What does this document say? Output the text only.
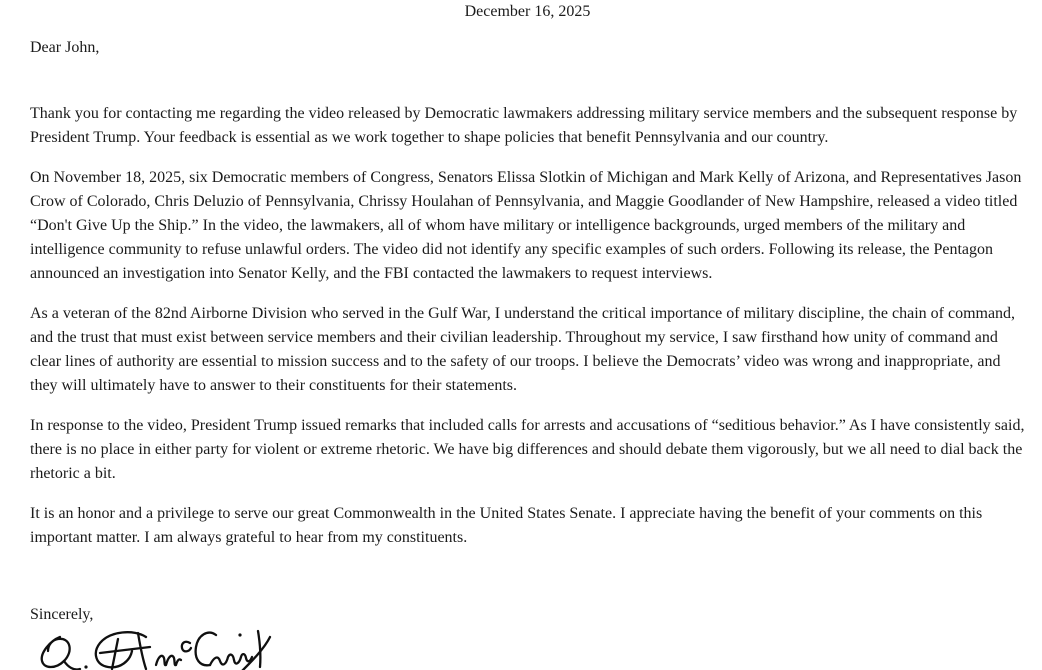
December 16, 2025
Dear John,

Thank you for contacting me regarding the video released by Democratic lawmakers addressing military service members and the subsequent response by President Trump. Your feedback is essential as we work together to shape policies that benefit Pennsylvania and our country.

On November 18, 2025, six Democratic members of Congress, Senators Elissa Slotkin of Michigan and Mark Kelly of Arizona, and Representatives Jason Crow of Colorado, Chris Deluzio of Pennsylvania, Chrissy Houlahan of Pennsylvania, and Maggie Goodlander of New Hampshire, released a video titled “Don't Give Up the Ship.” In the video, the lawmakers, all of whom have military or intelligence backgrounds, urged members of the military and intelligence community to refuse unlawful orders. The video did not identify any specific examples of such orders. Following its release, the Pentagon announced an investigation into Senator Kelly, and the FBI contacted the lawmakers to request interviews.

As a veteran of the 82nd Airborne Division who served in the Gulf War, I understand the critical importance of military discipline, the chain of command, and the trust that must exist between service members and their civilian leadership. Throughout my service, I saw firsthand how unity of command and clear lines of authority are essential to mission success and to the safety of our troops. I believe the Democrats’ video was wrong and inappropriate, and they will ultimately have to answer to their constituents for their statements.

In response to the video, President Trump issued remarks that included calls for arrests and accusations of “seditious behavior.” As I have consistently said, there is no place in either party for violent or extreme rhetoric. We have big differences and should debate them vigorously, but we all need to dial back the rhetoric a bit.

It is an honor and a privilege to serve our great Commonwealth in the United States Senate. I appreciate having the benefit of your comments on this important matter. I am always grateful to hear from my constituents.

Sincerely,
